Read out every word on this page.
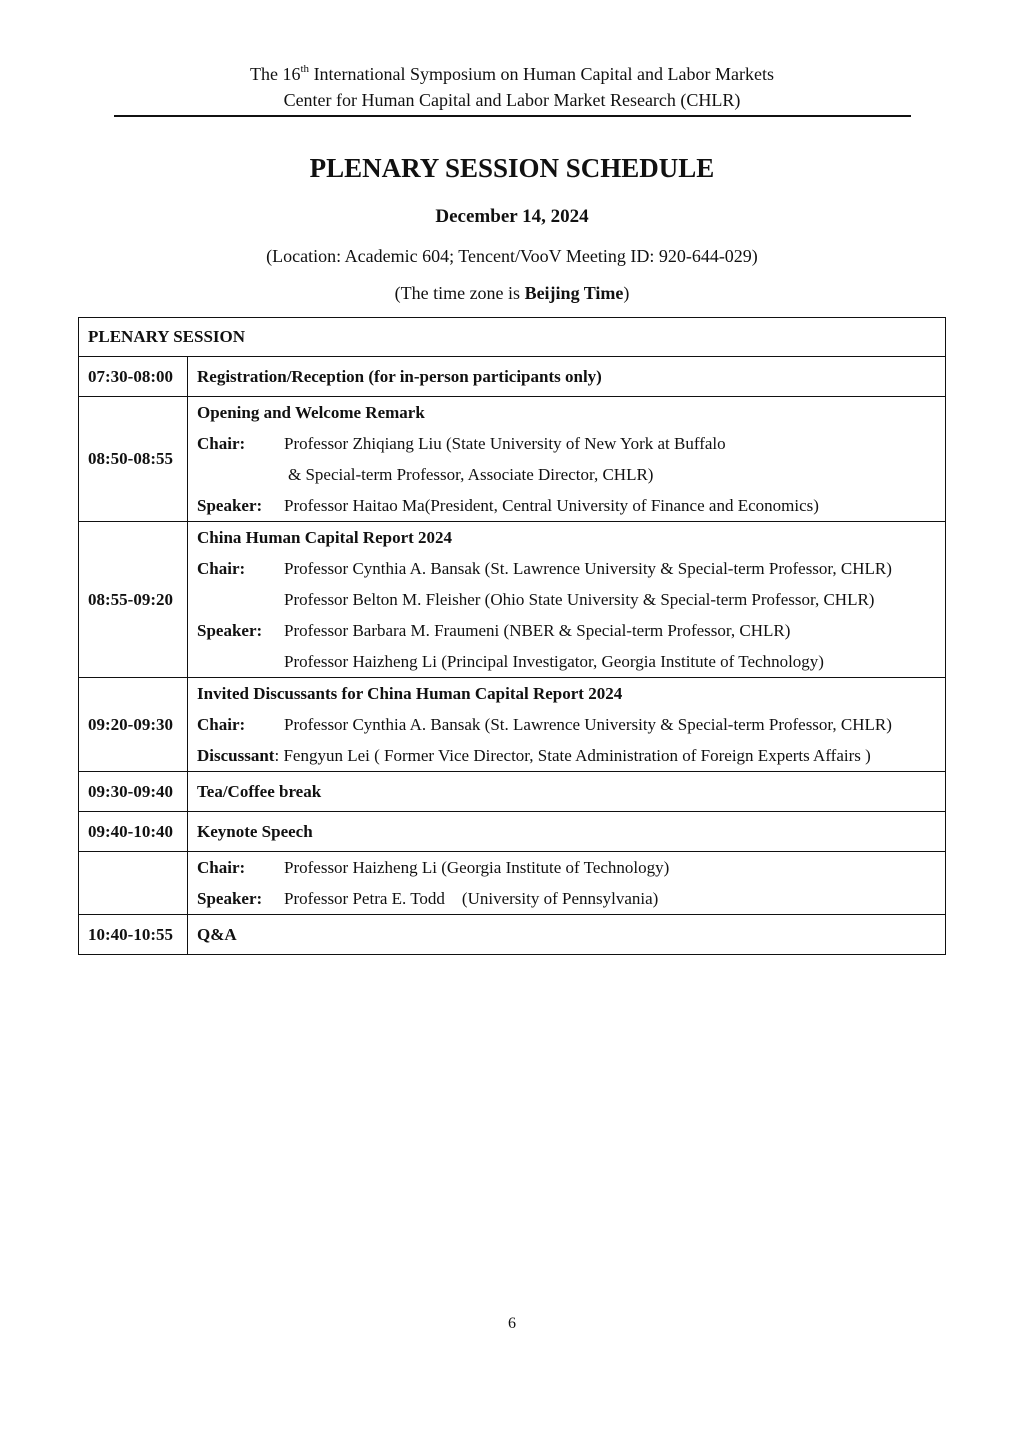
The 16th International Symposium on Human Capital and Labor Markets
Center for Human Capital and Labor Market Research (CHLR)
PLENARY SESSION SCHEDULE
December 14, 2024
(Location: Academic 604; Tencent/VooV Meeting ID: 920-644-029)
(The time zone is Beijing Time)
PLENARY SESSION	
07:30-08:00	Registration/Reception (for in-person participants only)
08:50-08:55	Opening and Welcome Remark
Chair: Professor Zhiqiang Liu (State University of New York at Buffalo
& Special-term Professor, Associate Director, CHLR)
Speaker: Professor Haitao Ma(President, Central University of Finance and Economics)

08:55-09:20	China Human Capital Report 2024
Chair: Professor Cynthia A. Bansak (St. Lawrence University & Special-term Professor, CHLR)
Professor Belton M. Fleisher (Ohio State University & Special-term Professor, CHLR)
Speaker: Professor Barbara M. Fraumeni (NBER & Special-term Professor, CHLR)
Professor Haizheng Li (Principal Investigator, Georgia Institute of Technology)

09:20-09:30	Invited Discussants for China Human Capital Report 2024
Chair: Professor Cynthia A. Bansak (St. Lawrence University & Special-term Professor, CHLR)
Discussant: Fengyun Lei ( Former Vice Director, State Administration of Foreign Experts Affairs )

09:30-09:40	Tea/Coffee break
09:40-10:40	Keynote Speech

	Chair: Professor Haizheng Li (Georgia Institute of Technology)
Speaker: Professor Petra E. Todd    (University of Pennsylvania)

10:40-10:55	Q&A
6
